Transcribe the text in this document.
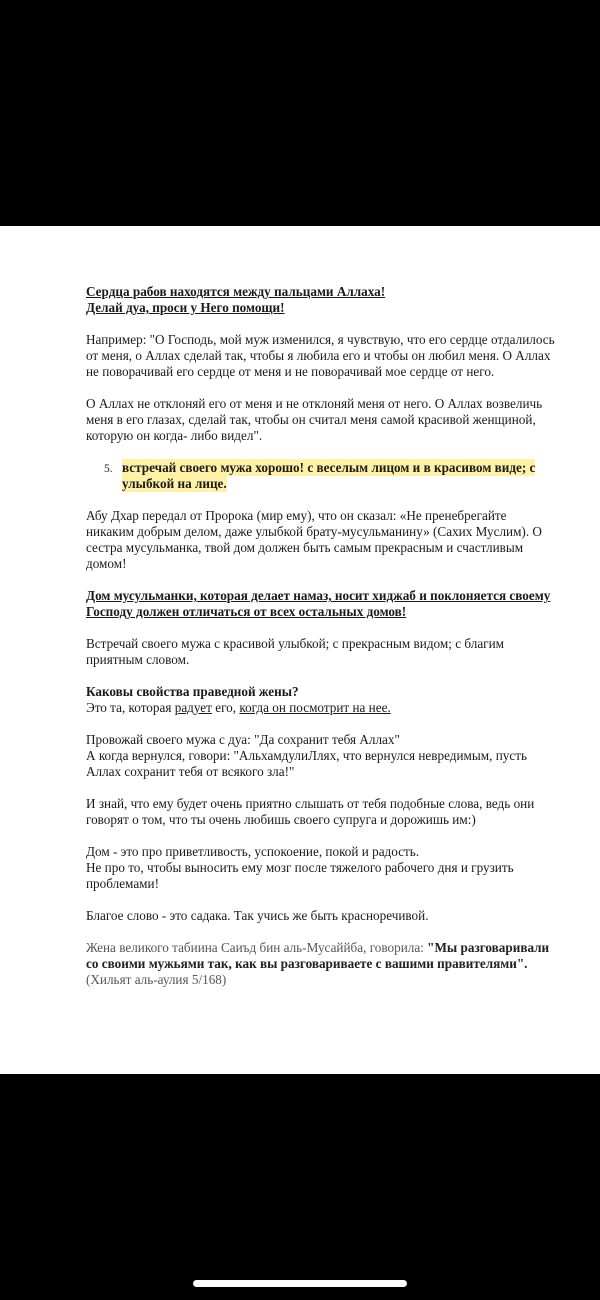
Сердца рабов находятся между пальцами Аллаха!

Делай дуа, проси у Него помощи!

Например: "О Господь, мой муж изменился, я чувствую, что его сердце отдалилось от меня, о Аллах сделай так, чтобы я любила его и чтобы он любил меня. О Аллах не поворачивай его сердце от меня и не поворачивай мое сердце от него.

О Аллах не отклоняй его от меня и не отклоняй меня от него. О Аллах возвеличь меня в его глазах, сделай так, чтобы он считал меня самой красивой женщиной, которую он когда- либо видел".

5. встречай своего мужа хорошо! с веселым лицом и в красивом виде; с улыбкой на лице.

Абу Дхар передал от Пророка (мир ему), что он сказал: «Не пренебрегайте никаким добрым делом, даже улыбкой брату-мусульманину» (Сахих Муслим). О сестра мусульманка, твой дом должен быть самым прекрасным и счастливым домом!

Дом мусульманки, которая делает намаз, носит хиджаб и поклоняется своему Господу должен отличаться от всех остальных домов!

Встречай своего мужа с красивой улыбкой; с прекрасным видом; с благим приятным словом.

Каковы свойства праведной жены?

Это та, которая радует его, когда он посмотрит на нее.

Провожай своего мужа с дуа: "Да сохранит тебя Аллах"

А когда вернулся, говори: "АльхамдулиЛлях, что вернулся невредимым, пусть Аллах сохранит тебя от всякого зла!"

И знай, что ему будет очень приятно слышать от тебя подобные слова, ведь они говорят о том, что ты очень любишь своего супруга и дорожишь им:)

Дом - это про приветливость, успокоение, покой и радость.

Не про то, чтобы выносить ему мозг после тяжелого рабочего дня и грузить проблемами!

Благое слово - это садака. Так учись же быть красноречивой.

Жена великого табиина Саиъд бин аль-Мусаййба, говорила: "Мы разговаривали со своими мужьями так, как вы разговариваете с вашими правителями". (Хильят аль-аулия 5/168)
